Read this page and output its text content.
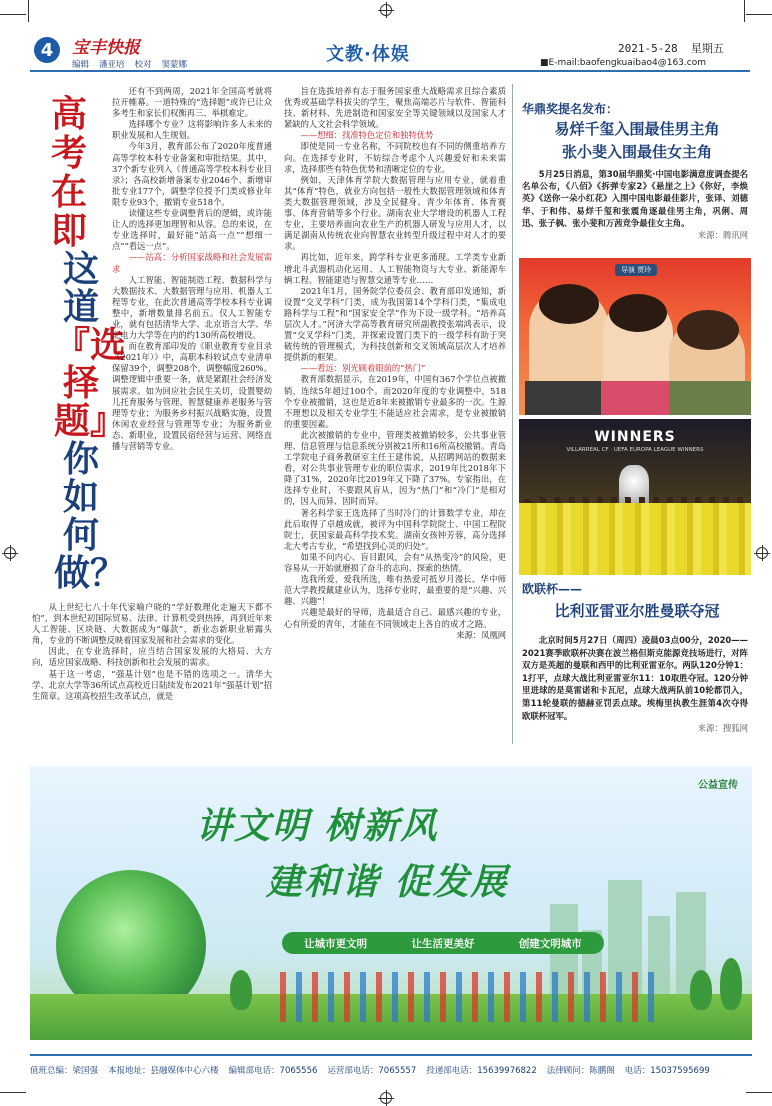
4	宝丰快报
编辑 潘亚培 校对 窦蒙娜	文教·体娱	2021-5-28 星期五
■E-mail:baofengkuaibao4@163.com
高考在即
这道
『选择题』
你如何做？

还有不到两周，2021年全国高考就将拉开帷幕。一道特殊的“选择题”或许已让众多考生和家长们权衡再三、举棋难定。

选择哪个专业？这将影响许多人未来的职业发展和人生规划。

今年3月，教育部公布了2020年度普通高等学校本科专业备案和审批结果。其中，37个新专业列入《普通高等学校本科专业目录》；各高校新增备案专业2046个、新增审批专业177个，调整学位授予门类或修业年限专业93个，撤销专业518个。

读懂这些专业调整背后的逻辑，或许能让人的选择更加理智和从容。总的来说，在专业选择时，最好能“站高一点”“想细一点”“看远一点”。

——站高：分析国家战略和社会发展需求

人工智能、智能制造工程、数据科学与大数据技术、大数据管理与应用、机器人工程等专业，在此次普通高等学校本科专业调整中，新增数量排名前五。仅人工智能专业，就有包括清华大学、北京语言大学、华北电力大学等在内的约130所高校增设。

而在教育部印发的《职业教育专业目录（2021年）》中，高职本科较试点专业清单保留39个，调整208个，调整幅度260%。调整逻辑中重要一条，就是紧跟社会经济发展需求。如为回应社会民生关切，设置婴幼儿托育服务与管理、智慧健康养老服务与管理等专业；为服务乡村振兴战略实施，设置休闲农业经营与管理等专业；为服务新业态、新职业，设置民宿经营与运营、网络直播与营销等专业。

从上世纪七八十年代家喻户晓的“学好数理化走遍天下都不怕”，到本世纪初国际贸易、法律、计算机受到热捧，再到近年来人工智能、区块链、大数据成为“爆款”，新业态新职业崭露头角，专业的不断调整反映着国家发展和社会需求的变化。

因此，在专业选择时，应当结合国家发展的大格局、大方向，适应国家战略、科技创新和社会发展的需求。

基于这一考虑，“强基计划”也是不错的选项之一。清华大学、北京大学等36所试点高校近日陆续发布2021年“强基计划”招生简章。这项高校招生改革试点，就是

旨在选拔培养有志于服务国家重大战略需求且综合素质优秀或基础学科拔尖的学生，聚焦高端芯片与软件、智能科技、新材料、先进制造和国家安全等关键领域以及国家人才紧缺的人文社会科学领域。

——想细：找准特色定位和独特优势

即使是同一专业名称，不同院校也有不同的侧重培养方向。在选择专业时，不妨综合考虑个人兴趣爱好和未来需求，选择那些有特色优势和清晰定位的专业。

例如，天津体育学院大数据管理与应用专业，就着重其“体育”特色，就业方向包括一般性大数据管理领域和体育类大数据管理领域，涉及全民健身、青少年体育、体育赛事、体育营销等多个行业。湖南农业大学增设的机器人工程专业，主要培养面向农业生产的机器人研发与应用人才，以满足湖南从传统农业向智慧农业转型升级过程中对人才的要求。

再比如，近年来，跨学科专业更多涌现。工学类专业新增北斗武器机动化运用、人工智能物资与大专业、新能源车辆工程、智能建造与智慧交通等专业……

2021年1月，国务院学位委员会、教育部印发通知，新设置“交叉学科”门类，成为我国第14个学科门类，“集成电路科学与工程”和“国家安全学”作为下设一级学科。“培养高层次人才。”河济大学高等教育研究所副教授张端鸿表示，设置“交叉学科”门类，并探索设置门类下的一级学科有助于突破传统的管理模式，为科技创新和交叉领域高层次人才培养提供新的框架。

——看远：别光顾着眼前的“热门”

教育部数据显示，在2019年，中国有367个学位点被撤销，连续5年超过100个。而2020年度的专业调整中，518个专业被撤销，这也是近8年来被撤销专业最多的一次。生源不理想以及相关专业学生不能适应社会需求，是专业被撤销的重要因素。

此次被撤销的专业中，管理类被撤销较多，公共事业管理、信息管理与信息系统分别被21所和16所高校撤销。青岛工学院电子商务教研室主任王建伟说，从招聘网站的数据来看，对公共事业管理专业的职位需求，2019年比2018年下降了31%，2020年比2019年又下降了37%。专家指出，在选择专业时，不要跟风盲从，因为“热门”和“冷门”是相对的，因人而异、因时而异。

著名科学家王选选择了当时冷门的计算数学专业，却在此后取得了卓越成就，被评为中国科学院院士、中国工程院院士，获国家最高科学技术奖。湖南女孩钟芳蓉，高分选择北大考古专业，“希望找到心灵的归处”。

如果不问内心、盲目跟风，会有“从热变冷”的风险，更容易从一开始就磨损了奋斗的志向、探索的热情。

选我所爱，爱我所选，唯有热爱可抵岁月漫长。华中师范大学教授戴建业认为，选择专业时，最重要的是“兴趣、兴趣、兴趣”！

兴趣是最好的导师，选最适合自己、最感兴趣的专业，心有所爱的青年，才能在不同领域走上各自的成才之路。

来源：凤凰网

华鼎奖提名发布：
易烊千玺入围最佳男主角
张小斐入围最佳女主角

5月25日消息，第30届华鼎奖·中国电影满意度调查提名名单公布，《八佰》《拆弹专家2》《悬崖之上》《你好，李焕英》《送你一朵小红花》入围中国电影最佳影片，张译、刘德华、于和伟、易烊千玺和张震角逐最佳男主角，巩俐、周迅、张子枫、张小斐和万茜竞争最佳女主角。

来源：腾讯网

导演 贾玲
WINNERS
VILLARREAL CF · UEFA EUROPA LEAGUE WINNERS
欧联杯——
比利亚雷亚尔胜曼联夺冠

北京时间5月27日（周四）凌晨03点00分，2020——2021赛季欧联杯决赛在波兰格但斯克能源竞技场进行，对阵双方是英超的曼联和西甲的比利亚雷亚尔。两队120分钟1：1打平，点球大战比利亚雷亚尔11：10取胜夺冠。120分钟里进球的是莫雷诺和卡瓦尼，点球大战两队前10轮都罚入，第11轮曼联的德赫亚罚丢点球。埃梅里执教生涯第4次夺得欧联杯冠军。

来源：搜狐网

公益宣传
讲文明 树新风
建和谐 促发展
让城市更文明	让生活更美好	创建文明城市
值班总编：梁国强 本报地址：县融媒体中心六楼 编辑部电话：7065556 运营部电话：7065557 投递部电话：15639976822 法律顾问：陈鹏阁 电话：15037595699
